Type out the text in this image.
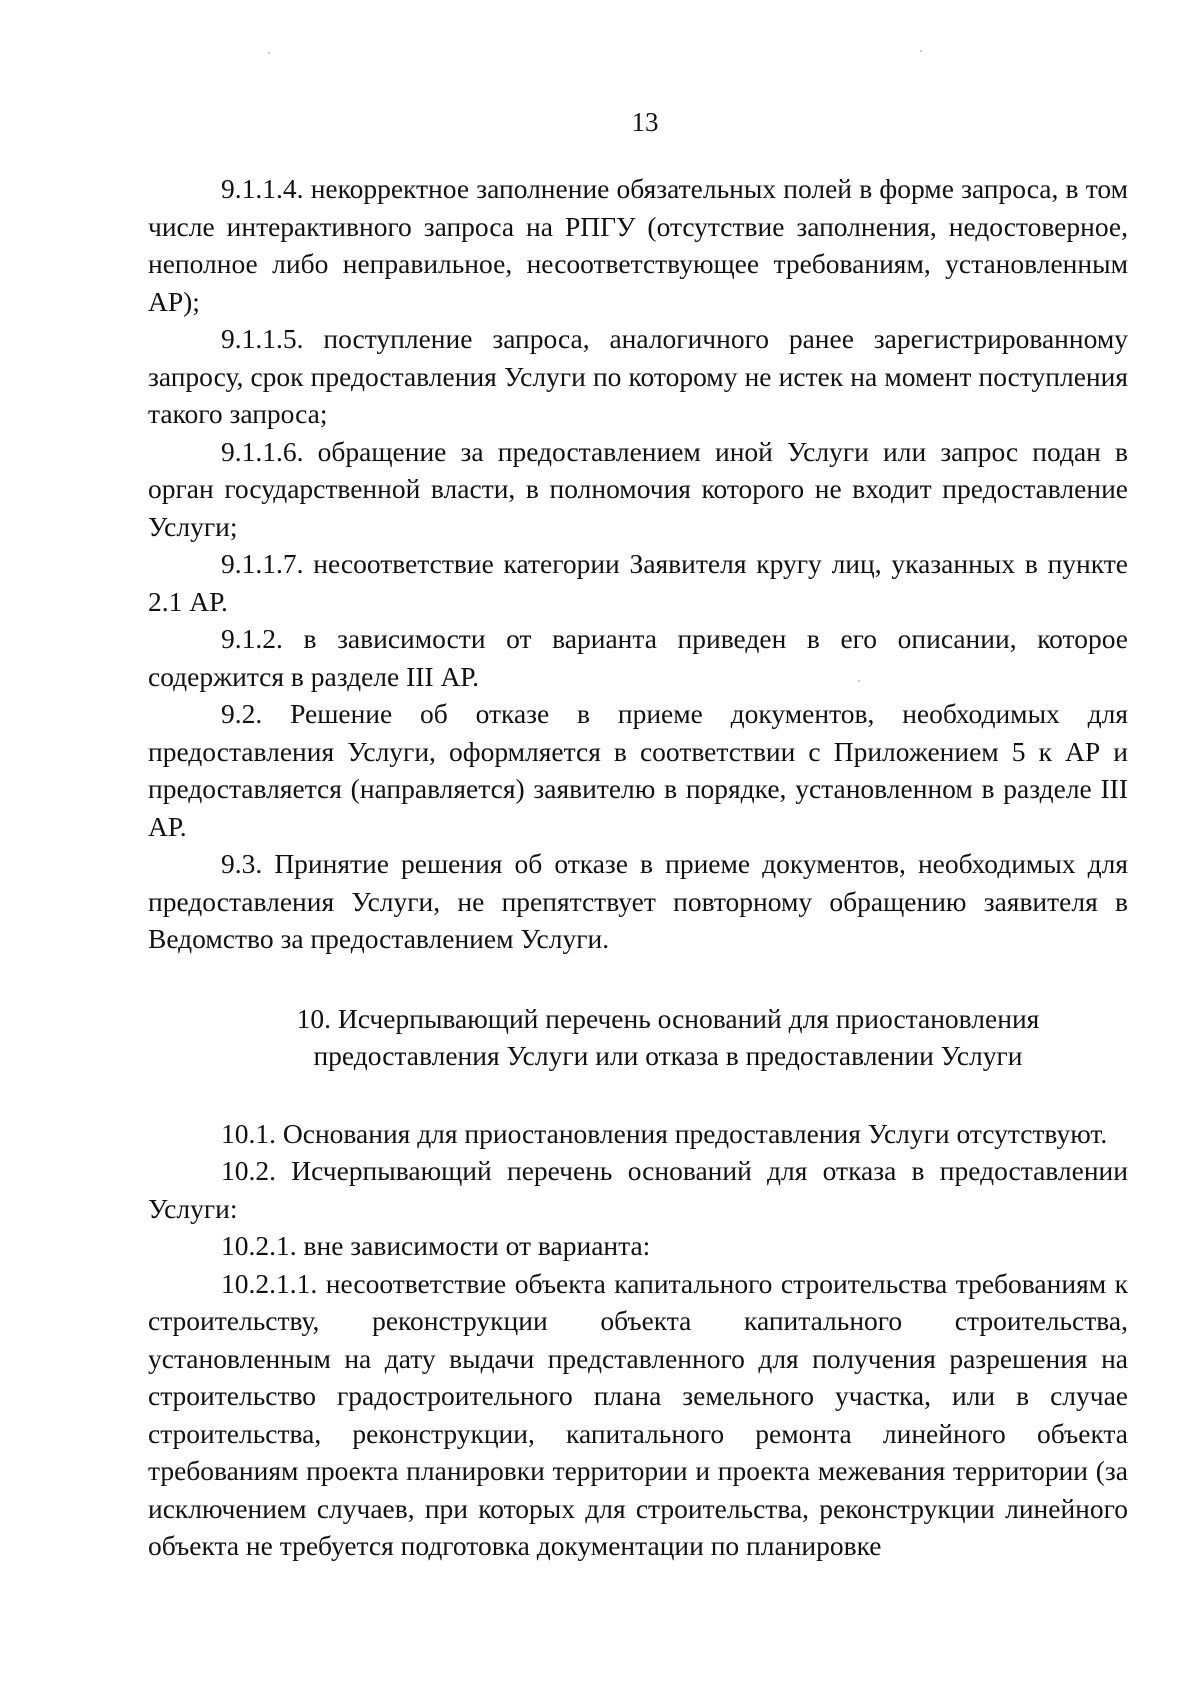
13

9.1.1.4. некорректное заполнение обязательных полей в форме запроса, в том числе интерактивного запроса на РПГУ (отсутствие заполнения, недостоверное, неполное либо неправильное, несоответствующее требованиям, установленным АР);

9.1.1.5. поступление запроса, аналогичного ранее зарегистрированному запросу, срок предоставления Услуги по которому не истек на момент поступления такого запроса;

9.1.1.6. обращение за предоставлением иной Услуги или запрос подан в орган государственной власти, в полномочия которого не входит предоставление Услуги;

9.1.1.7. несоответствие категории Заявителя кругу лиц, указанных в пункте 2.1 АР.

9.1.2. в зависимости от варианта приведен в его описании, которое содержится в разделе III АР.

9.2. Решение об отказе в приеме документов, необходимых для предоставления Услуги, оформляется в соответствии с Приложением 5 к АР и предоставляется (направляется) заявителю в порядке, установленном в разделе III АР.

9.3. Принятие решения об отказе в приеме документов, необходимых для предоставления Услуги, не препятствует повторному обращению заявителя в Ведомство за предоставлением Услуги.

10. Исчерпывающий перечень оснований для приостановления
предоставления Услуги или отказа в предоставлении Услуги

10.1. Основания для приостановления предоставления Услуги отсутствуют.

10.2. Исчерпывающий перечень оснований для отказа в предоставлении Услуги:

10.2.1. вне зависимости от варианта:

10.2.1.1. несоответствие объекта капитального строительства требованиям к строительству, реконструкции объекта капитального строительства, установленным на дату выдачи представленного для получения разрешения на строительство градостроительного плана земельного участка, или в случае строительства, реконструкции, капитального ремонта линейного объекта требованиям проекта планировки территории и проекта межевания территории (за исключением случаев, при которых для строительства, реконструкции линейного объекта не требуется подготовка документации по планировке
